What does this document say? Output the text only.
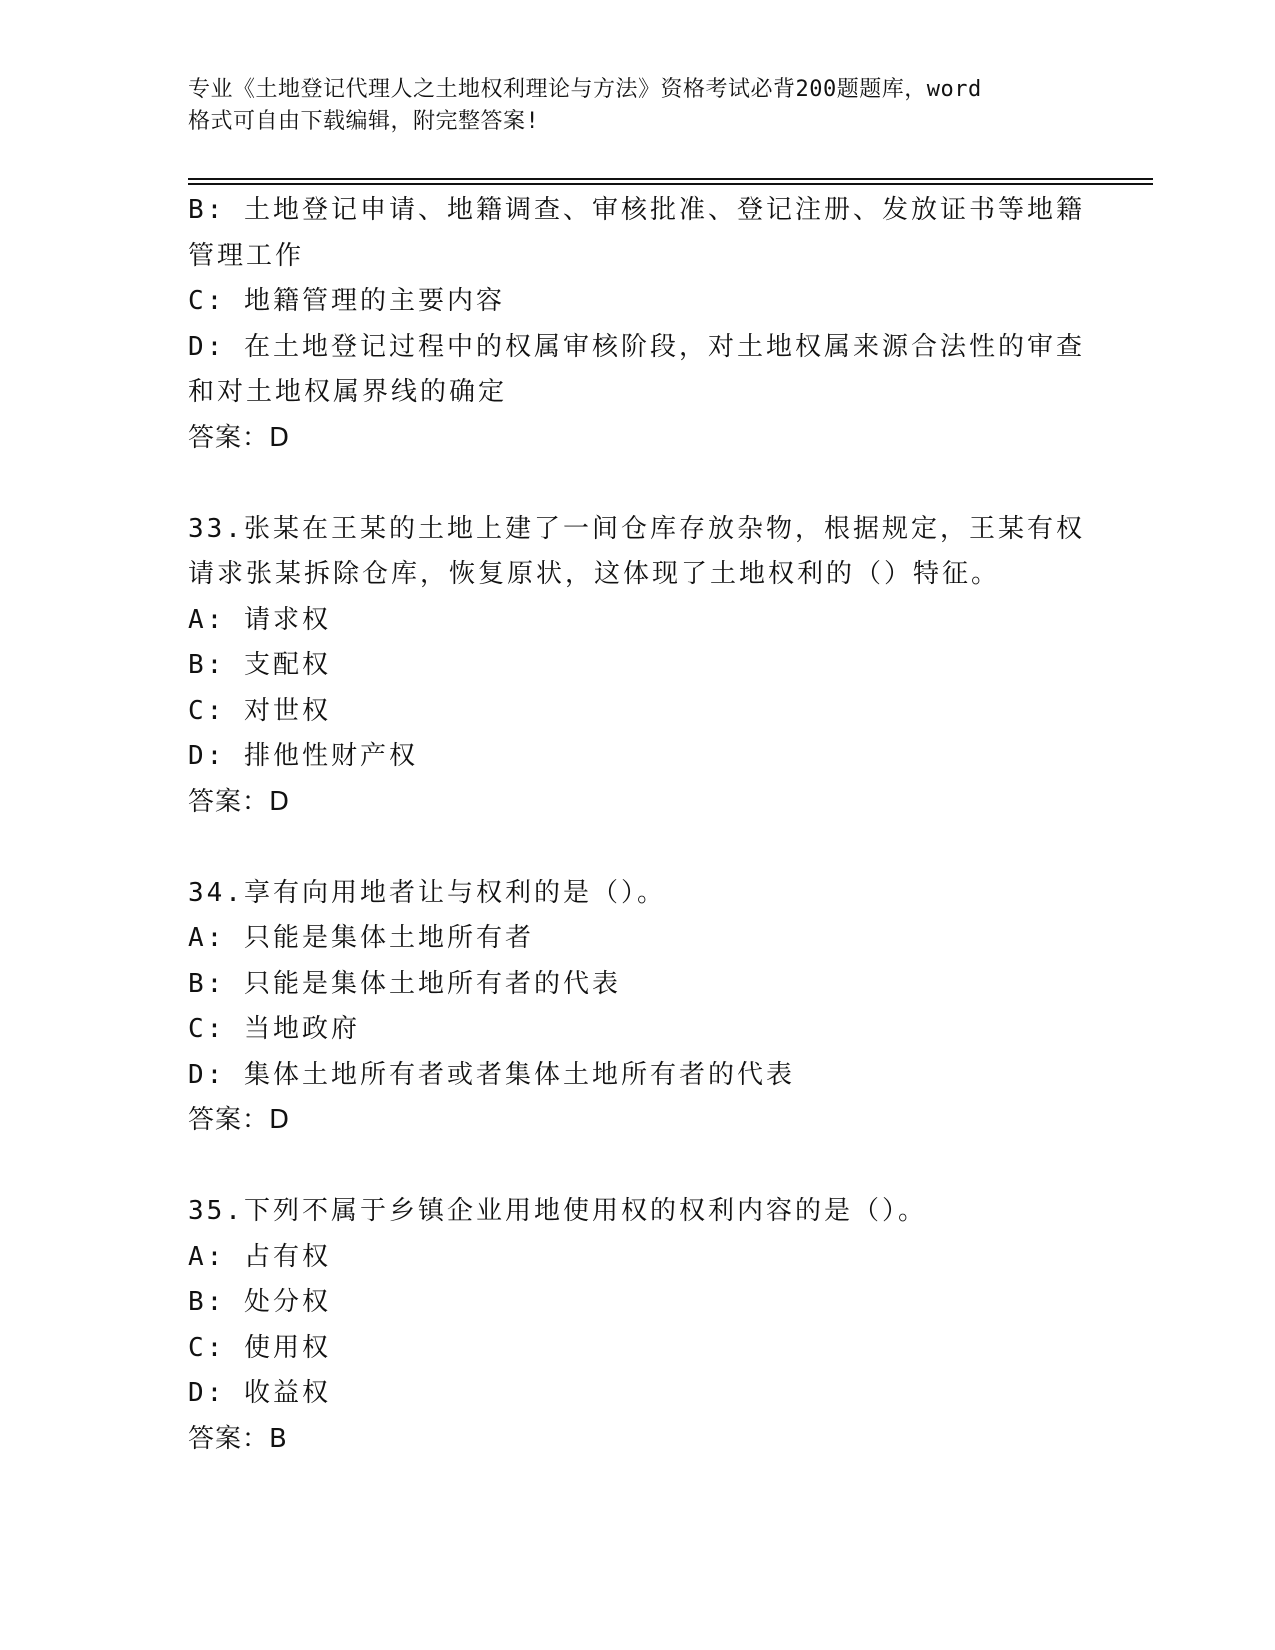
专业《土地登记代理人之土地权利理论与方法》资格考试必背200题题库，word
格式可自由下载编辑，附完整答案!
B: 土地登记申请、地籍调查、审核批准、登记注册、发放证书等地籍
管理工作
C: 地籍管理的主要内容
D: 在土地登记过程中的权属审核阶段，对土地权属来源合法性的审查
和对土地权属界线的确定
答案：D
33.张某在王某的土地上建了一间仓库存放杂物，根据规定，王某有权
请求张某拆除仓库，恢复原状，这体现了土地权利的（）特征。
A: 请求权
B: 支配权
C: 对世权
D: 排他性财产权
答案：D
34.享有向用地者让与权利的是（）。
A: 只能是集体土地所有者
B: 只能是集体土地所有者的代表
C: 当地政府
D: 集体土地所有者或者集体土地所有者的代表
答案：D
35.下列不属于乡镇企业用地使用权的权利内容的是（）。
A: 占有权
B: 处分权
C: 使用权
D: 收益权
答案：B
